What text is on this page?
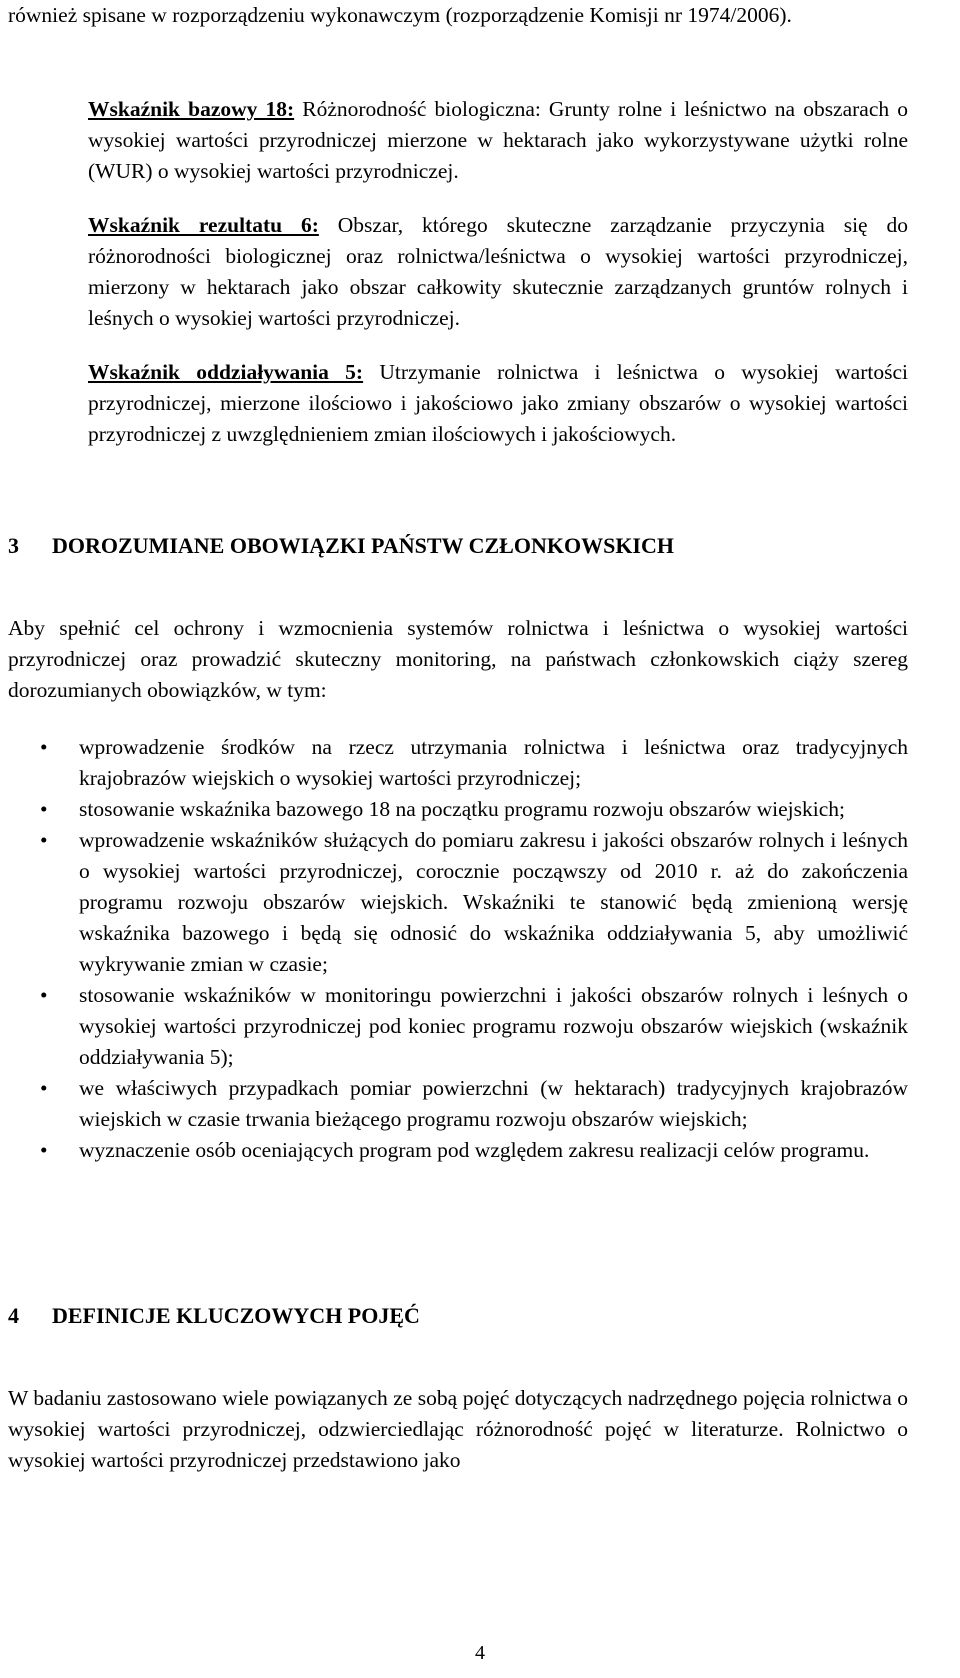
również spisane w rozporządzeniu wykonawczym (rozporządzenie Komisji nr 1974/2006).

Wskaźnik bazowy 18: Różnorodność biologiczna: Grunty rolne i leśnictwo na obszarach o wysokiej wartości przyrodniczej mierzone w hektarach jako wykorzystywane użytki rolne (WUR) o wysokiej wartości przyrodniczej.

Wskaźnik rezultatu 6: Obszar, którego skuteczne zarządzanie przyczynia się do różnorodności biologicznej oraz rolnictwa/leśnictwa o wysokiej wartości przyrodniczej, mierzony w hektarach jako obszar całkowity skutecznie zarządzanych gruntów rolnych i leśnych o wysokiej wartości przyrodniczej.

Wskaźnik oddziaływania 5: Utrzymanie rolnictwa i leśnictwa o wysokiej wartości przyrodniczej, mierzone ilościowo i jakościowo jako zmiany obszarów o wysokiej wartości przyrodniczej z uwzględnieniem zmian ilościowych i jakościowych.

3 DOROZUMIANE OBOWIĄZKI PAŃSTW CZŁONKOWSKICH

Aby spełnić cel ochrony i wzmocnienia systemów rolnictwa i leśnictwa o wysokiej wartości przyrodniczej oraz prowadzić skuteczny monitoring, na państwach członkowskich ciąży szereg dorozumianych obowiązków, w tym:

• wprowadzenie środków na rzecz utrzymania rolnictwa i leśnictwa oraz tradycyjnych krajobrazów wiejskich o wysokiej wartości przyrodniczej;
• stosowanie wskaźnika bazowego 18 na początku programu rozwoju obszarów wiejskich;
• wprowadzenie wskaźników służących do pomiaru zakresu i jakości obszarów rolnych i leśnych o wysokiej wartości przyrodniczej, corocznie począwszy od 2010 r. aż do zakończenia programu rozwoju obszarów wiejskich. Wskaźniki te stanowić będą zmienioną wersję wskaźnika bazowego i będą się odnosić do wskaźnika oddziaływania 5, aby umożliwić wykrywanie zmian w czasie;
• stosowanie wskaźników w monitoringu powierzchni i jakości obszarów rolnych i leśnych o wysokiej wartości przyrodniczej pod koniec programu rozwoju obszarów wiejskich (wskaźnik oddziaływania 5);
• we właściwych przypadkach pomiar powierzchni (w hektarach) tradycyjnych krajobrazów wiejskich w czasie trwania bieżącego programu rozwoju obszarów wiejskich;
• wyznaczenie osób oceniających program pod względem zakresu realizacji celów programu.
4 DEFINICJE KLUCZOWYCH POJĘĆ

W badaniu zastosowano wiele powiązanych ze sobą pojęć dotyczących nadrzędnego pojęcia rolnictwa o wysokiej wartości przyrodniczej, odzwierciedlając różnorodność pojęć w literaturze. Rolnictwo o wysokiej wartości przyrodniczej przedstawiono jako

4
